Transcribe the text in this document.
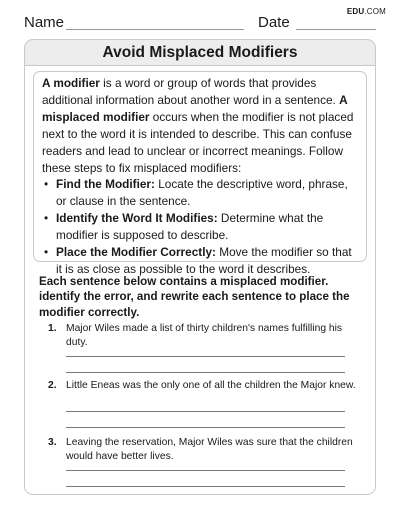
EDU.COM
Name	Date
Avoid Misplaced Modifiers

A modifier is a word or group of words that provides additional information about another word in a sentence. A misplaced modifier occurs when the modifier is not placed next to the word it is intended to describe. This can confuse readers and lead to unclear or incorrect meanings. Follow these steps to fix misplaced modifiers:

• Find the Modifier: Locate the descriptive word, phrase, or clause in the sentence.
• Identify the Word It Modifies: Determine what the modifier is supposed to describe.
• Place the Modifier Correctly: Move the modifier so that it is as close as possible to the word it describes.
Each sentence below contains a misplaced modifier. identify the error, and rewrite each sentence to place the modifier correctly.
1. Major Wiles made a list of thirty children's names fulfilling his duty.
2. Little Eneas was the only one of all the children the Major knew.
3. Leaving the reservation, Major Wiles was sure that the children would have better lives.
